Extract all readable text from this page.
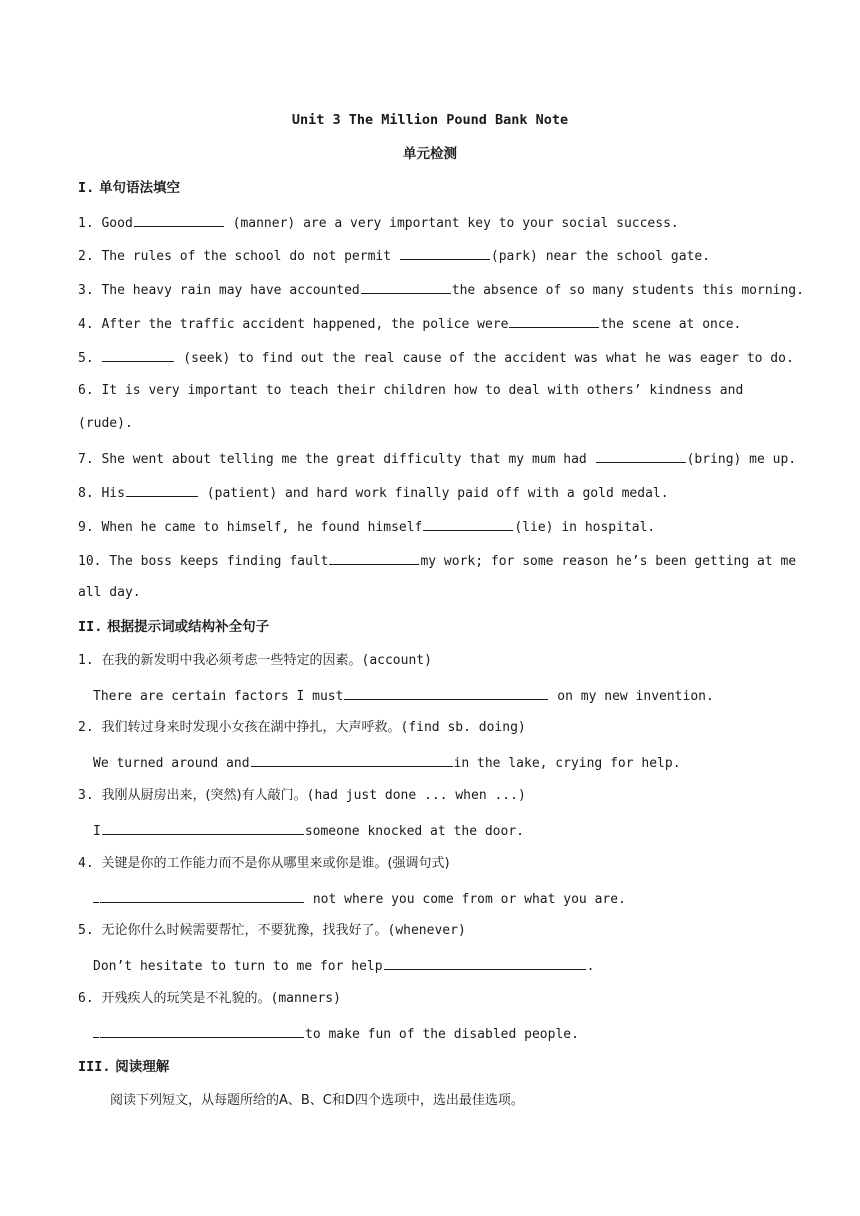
Unit 3 The Million Pound Bank Note
单元检测
I. 单句语法填空
1. Good	(manner) are a very important key to your social success.
2. The rules of the school do not permit	(park) near the school gate.
3. The heavy rain may have accounted	the absence of so many students this morning.
4. After the traffic accident happened, the police were	the scene at once.
5.	(seek) to find out the real cause of the accident was what he was eager to do.
6. It is very important to teach their children how to deal with others’ kindness and
(rude).
7. She went about telling me the great difficulty that my mum had	(bring) me up.
8. His	(patient) and hard work finally paid off with a gold medal.
9. When he came to himself, he found himself	(lie) in hospital.
10. The boss keeps finding fault	my work; for some reason he’s been getting at me
all day.
II. 根据提示词或结构补全句子
1. 在我的新发明中我必须考虑一些特定的因素。(account)
There are certain factors I must	on my new invention.
2. 我们转过身来时发现小女孩在湖中挣扎，大声呼救。(find sb. doing)
We turned around and	in the lake, crying for help.
3. 我刚从厨房出来，(突然)有人敲门。(had just done ... when ...)
I	someone knocked at the door.
4. 关键是你的工作能力而不是你从哪里来或你是谁。(强调句式)
not where you come from or what you are.
5. 无论你什么时候需要帮忙，不要犹豫，找我好了。(whenever)
Don’t hesitate to turn to me for help	.
6. 开残疾人的玩笑是不礼貌的。(manners)
to make fun of the disabled people.
III. 阅读理解
阅读下列短文，从每题所给的A、B、C和D四个选项中，选出最佳选项。
